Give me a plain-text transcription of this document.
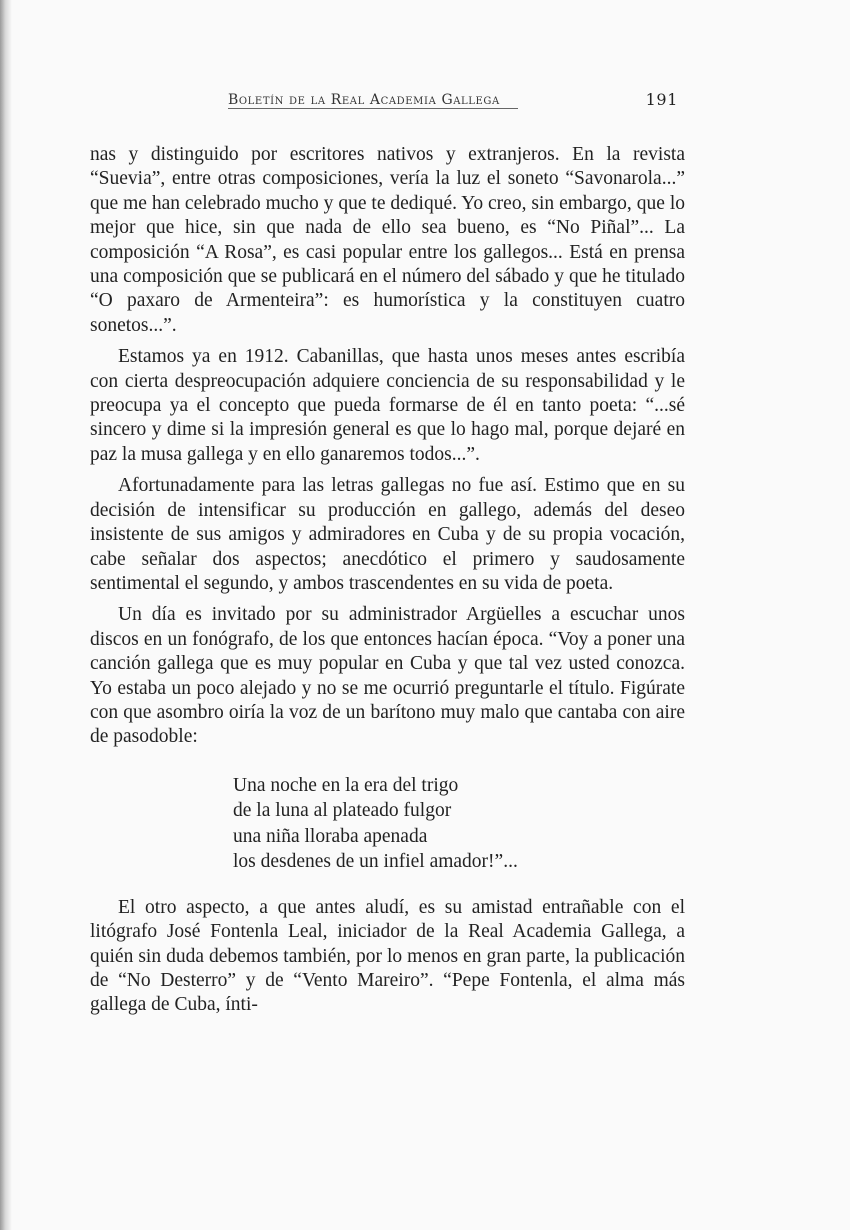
Boletín de la Real Academia Gallega	191

nas y distinguido por escritores nativos y extranjeros. En la revista “Suevia”, entre otras composiciones, vería la luz el soneto “Savonarola...” que me han celebrado mucho y que te dediqué. Yo creo, sin embargo, que lo mejor que hice, sin que nada de ello sea bueno, es “No Piñal”... La composición “A Rosa”, es casi popular entre los gallegos... Está en prensa una composición que se publicará en el número del sábado y que he titulado “O paxaro de Armenteira”: es humorística y la constituyen cuatro sonetos...”.

Estamos ya en 1912. Cabanillas, que hasta unos meses antes escribía con cierta despreocupación adquiere conciencia de su responsabilidad y le preocupa ya el concepto que pueda formarse de él en tanto poeta: “...sé sincero y dime si la impresión general es que lo hago mal, porque dejaré en paz la musa gallega y en ello ganaremos todos...”.

Afortunadamente para las letras gallegas no fue así. Estimo que en su decisión de intensificar su producción en gallego, además del deseo insistente de sus amigos y admiradores en Cuba y de su propia vocación, cabe señalar dos aspectos; anecdótico el primero y saudosamente sentimental el segundo, y ambos trascendentes en su vida de poeta.

Un día es invitado por su administrador Argüelles a escuchar unos discos en un fonógrafo, de los que entonces hacían época. “Voy a poner una canción gallega que es muy popular en Cuba y que tal vez usted conozca. Yo estaba un poco alejado y no se me ocurrió preguntarle el título. Figúrate con que asombro oiría la voz de un barítono muy malo que cantaba con aire de pasodoble:

Una noche en la era del trigo
de la luna al plateado fulgor
una niña lloraba apenada
los desdenes de un infiel amador!”...

El otro aspecto, a que antes aludí, es su amistad entrañable con el litógrafo José Fontenla Leal, iniciador de la Real Academia Gallega, a quién sin duda debemos también, por lo menos en gran parte, la publicación de “No Desterro” y de “Vento Mareiro”. “Pepe Fontenla, el alma más gallega de Cuba, ínti-
